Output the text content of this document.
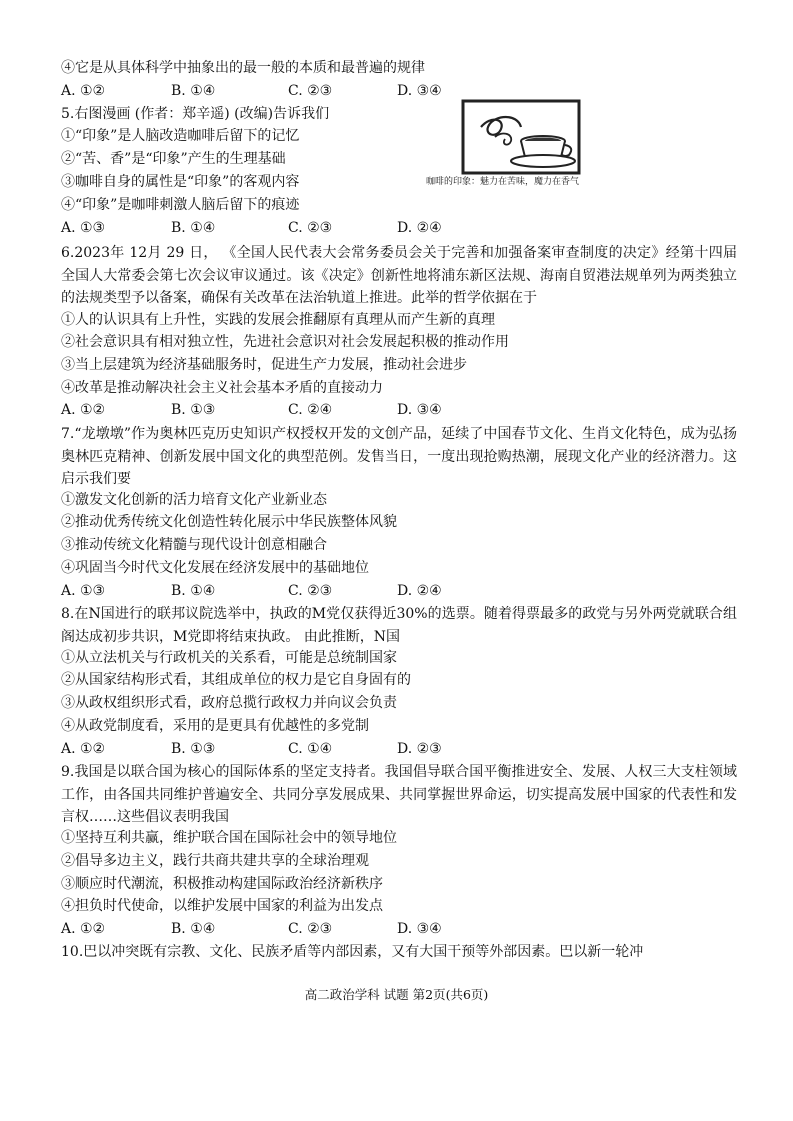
④它是从具体科学中抽象出的最一般的本质和最普遍的规律
A. ①②	B. ①④	C. ②③	D. ③④
5.右图漫画 (作者：郑辛遥) (改编)告诉我们
①“印象”是人脑改造咖啡后留下的记忆
②“苦、香”是“印象”产生的生理基础
③咖啡自身的属性是“印象”的客观内容
④“印象”是咖啡刺激人脑后留下的痕迹
A. ①③	B. ①④	C. ②③	D. ②④
咖啡的印象：魅力在苦味，魔力在香气
6.2023年 12月 29 日， 《全国人民代表大会常务委员会关于完善和加强备案审查制度的决定》经第十四届全国人大常委会第七次会议审议通过。该《决定》创新性地将浦东新区法规、海南自贸港法规单列为两类独立的法规类型予以备案，确保有关改革在法治轨道上推进。此举的哲学依据在于
①人的认识具有上升性，实践的发展会推翻原有真理从而产生新的真理
②社会意识具有相对独立性，先进社会意识对社会发展起积极的推动作用
③当上层建筑为经济基础服务时，促进生产力发展，推动社会进步
④改革是推动解决社会主义社会基本矛盾的直接动力
A. ①②	B. ①③	C. ②④	D. ③④
7.“龙墩墩”作为奥林匹克历史知识产权授权开发的文创产品，延续了中国春节文化、生肖文化特色，成为弘扬奥林匹克精神、创新发展中国文化的典型范例。发售当日，一度出现抢购热潮，展现文化产业的经济潜力。这启示我们要
①激发文化创新的活力培育文化产业新业态
②推动优秀传统文化创造性转化展示中华民族整体风貌
③推动传统文化精髓与现代设计创意相融合
④巩固当今时代文化发展在经济发展中的基础地位
A. ①③	B. ①④	C. ②③	D. ②④
8.在N国进行的联邦议院选举中，执政的M党仅获得近30%的选票。随着得票最多的政党与另外两党就联合组阁达成初步共识，M党即将结束执政。 由此推断，N国
①从立法机关与行政机关的关系看，可能是总统制国家
②从国家结构形式看，其组成单位的权力是它自身固有的
③从政权组织形式看，政府总揽行政权力并向议会负责
④从政党制度看，采用的是更具有优越性的多党制
A. ①②	B. ①③	C. ①④	D. ②③
9.我国是以联合国为核心的国际体系的坚定支持者。我国倡导联合国平衡推进安全、发展、人权三大支柱领域工作，由各国共同维护普遍安全、共同分享发展成果、共同掌握世界命运，切实提高发展中国家的代表性和发言权……这些倡议表明我国
①坚持互利共赢，维护联合国在国际社会中的领导地位
②倡导多边主义，践行共商共建共享的全球治理观
③顺应时代潮流，积极推动构建国际政治经济新秩序
④担负时代使命，以维护发展中国家的利益为出发点
A. ①②	B. ①④	C. ②③	D. ③④
10.巴以冲突既有宗教、文化、民族矛盾等内部因素，又有大国干预等外部因素。巴以新一轮冲
高二政治学科 试题 第2页(共6页)
